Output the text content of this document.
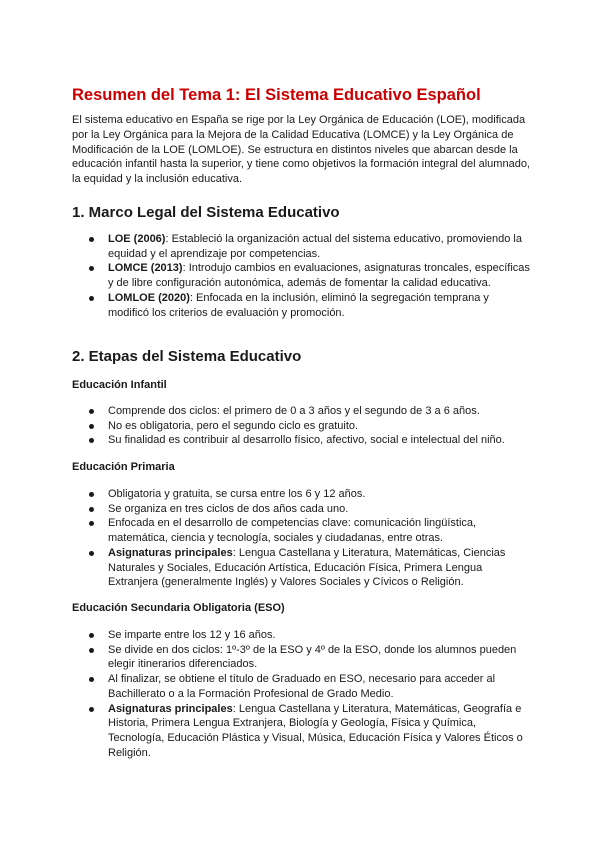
Resumen del Tema 1: El Sistema Educativo Español
El sistema educativo en España se rige por la Ley Orgánica de Educación (LOE), modificada por la Ley Orgánica para la Mejora de la Calidad Educativa (LOMCE) y la Ley Orgánica de Modificación de la LOE (LOMLOE). Se estructura en distintos niveles que abarcan desde la educación infantil hasta la superior, y tiene como objetivos la formación integral del alumnado, la equidad y la inclusión educativa.
1. Marco Legal del Sistema Educativo
LOE (2006): Estableció la organización actual del sistema educativo, promoviendo la equidad y el aprendizaje por competencias.
LOMCE (2013): Introdujo cambios en evaluaciones, asignaturas troncales, específicas y de libre configuración autonómica, además de fomentar la calidad educativa.
LOMLOE (2020): Enfocada en la inclusión, eliminó la segregación temprana y modificó los criterios de evaluación y promoción.
2. Etapas del Sistema Educativo
Educación Infantil
Comprende dos ciclos: el primero de 0 a 3 años y el segundo de 3 a 6 años.
No es obligatoria, pero el segundo ciclo es gratuito.
Su finalidad es contribuir al desarrollo físico, afectivo, social e intelectual del niño.
Educación Primaria
Obligatoria y gratuita, se cursa entre los 6 y 12 años.
Se organiza en tres ciclos de dos años cada uno.
Enfocada en el desarrollo de competencias clave: comunicación lingüística, matemática, ciencia y tecnología, sociales y ciudadanas, entre otras.
Asignaturas principales: Lengua Castellana y Literatura, Matemáticas, Ciencias Naturales y Sociales, Educación Artística, Educación Física, Primera Lengua Extranjera (generalmente Inglés) y Valores Sociales y Cívicos o Religión.
Educación Secundaria Obligatoria (ESO)
Se imparte entre los 12 y 16 años.
Se divide en dos ciclos: 1º-3º de la ESO y 4º de la ESO, donde los alumnos pueden elegir itinerarios diferenciados.
Al finalizar, se obtiene el título de Graduado en ESO, necesario para acceder al Bachillerato o a la Formación Profesional de Grado Medio.
Asignaturas principales: Lengua Castellana y Literatura, Matemáticas, Geografía e Historia, Primera Lengua Extranjera, Biología y Geología, Física y Química, Tecnología, Educación Plástica y Visual, Música, Educación Física y Valores Éticos o Religión.
